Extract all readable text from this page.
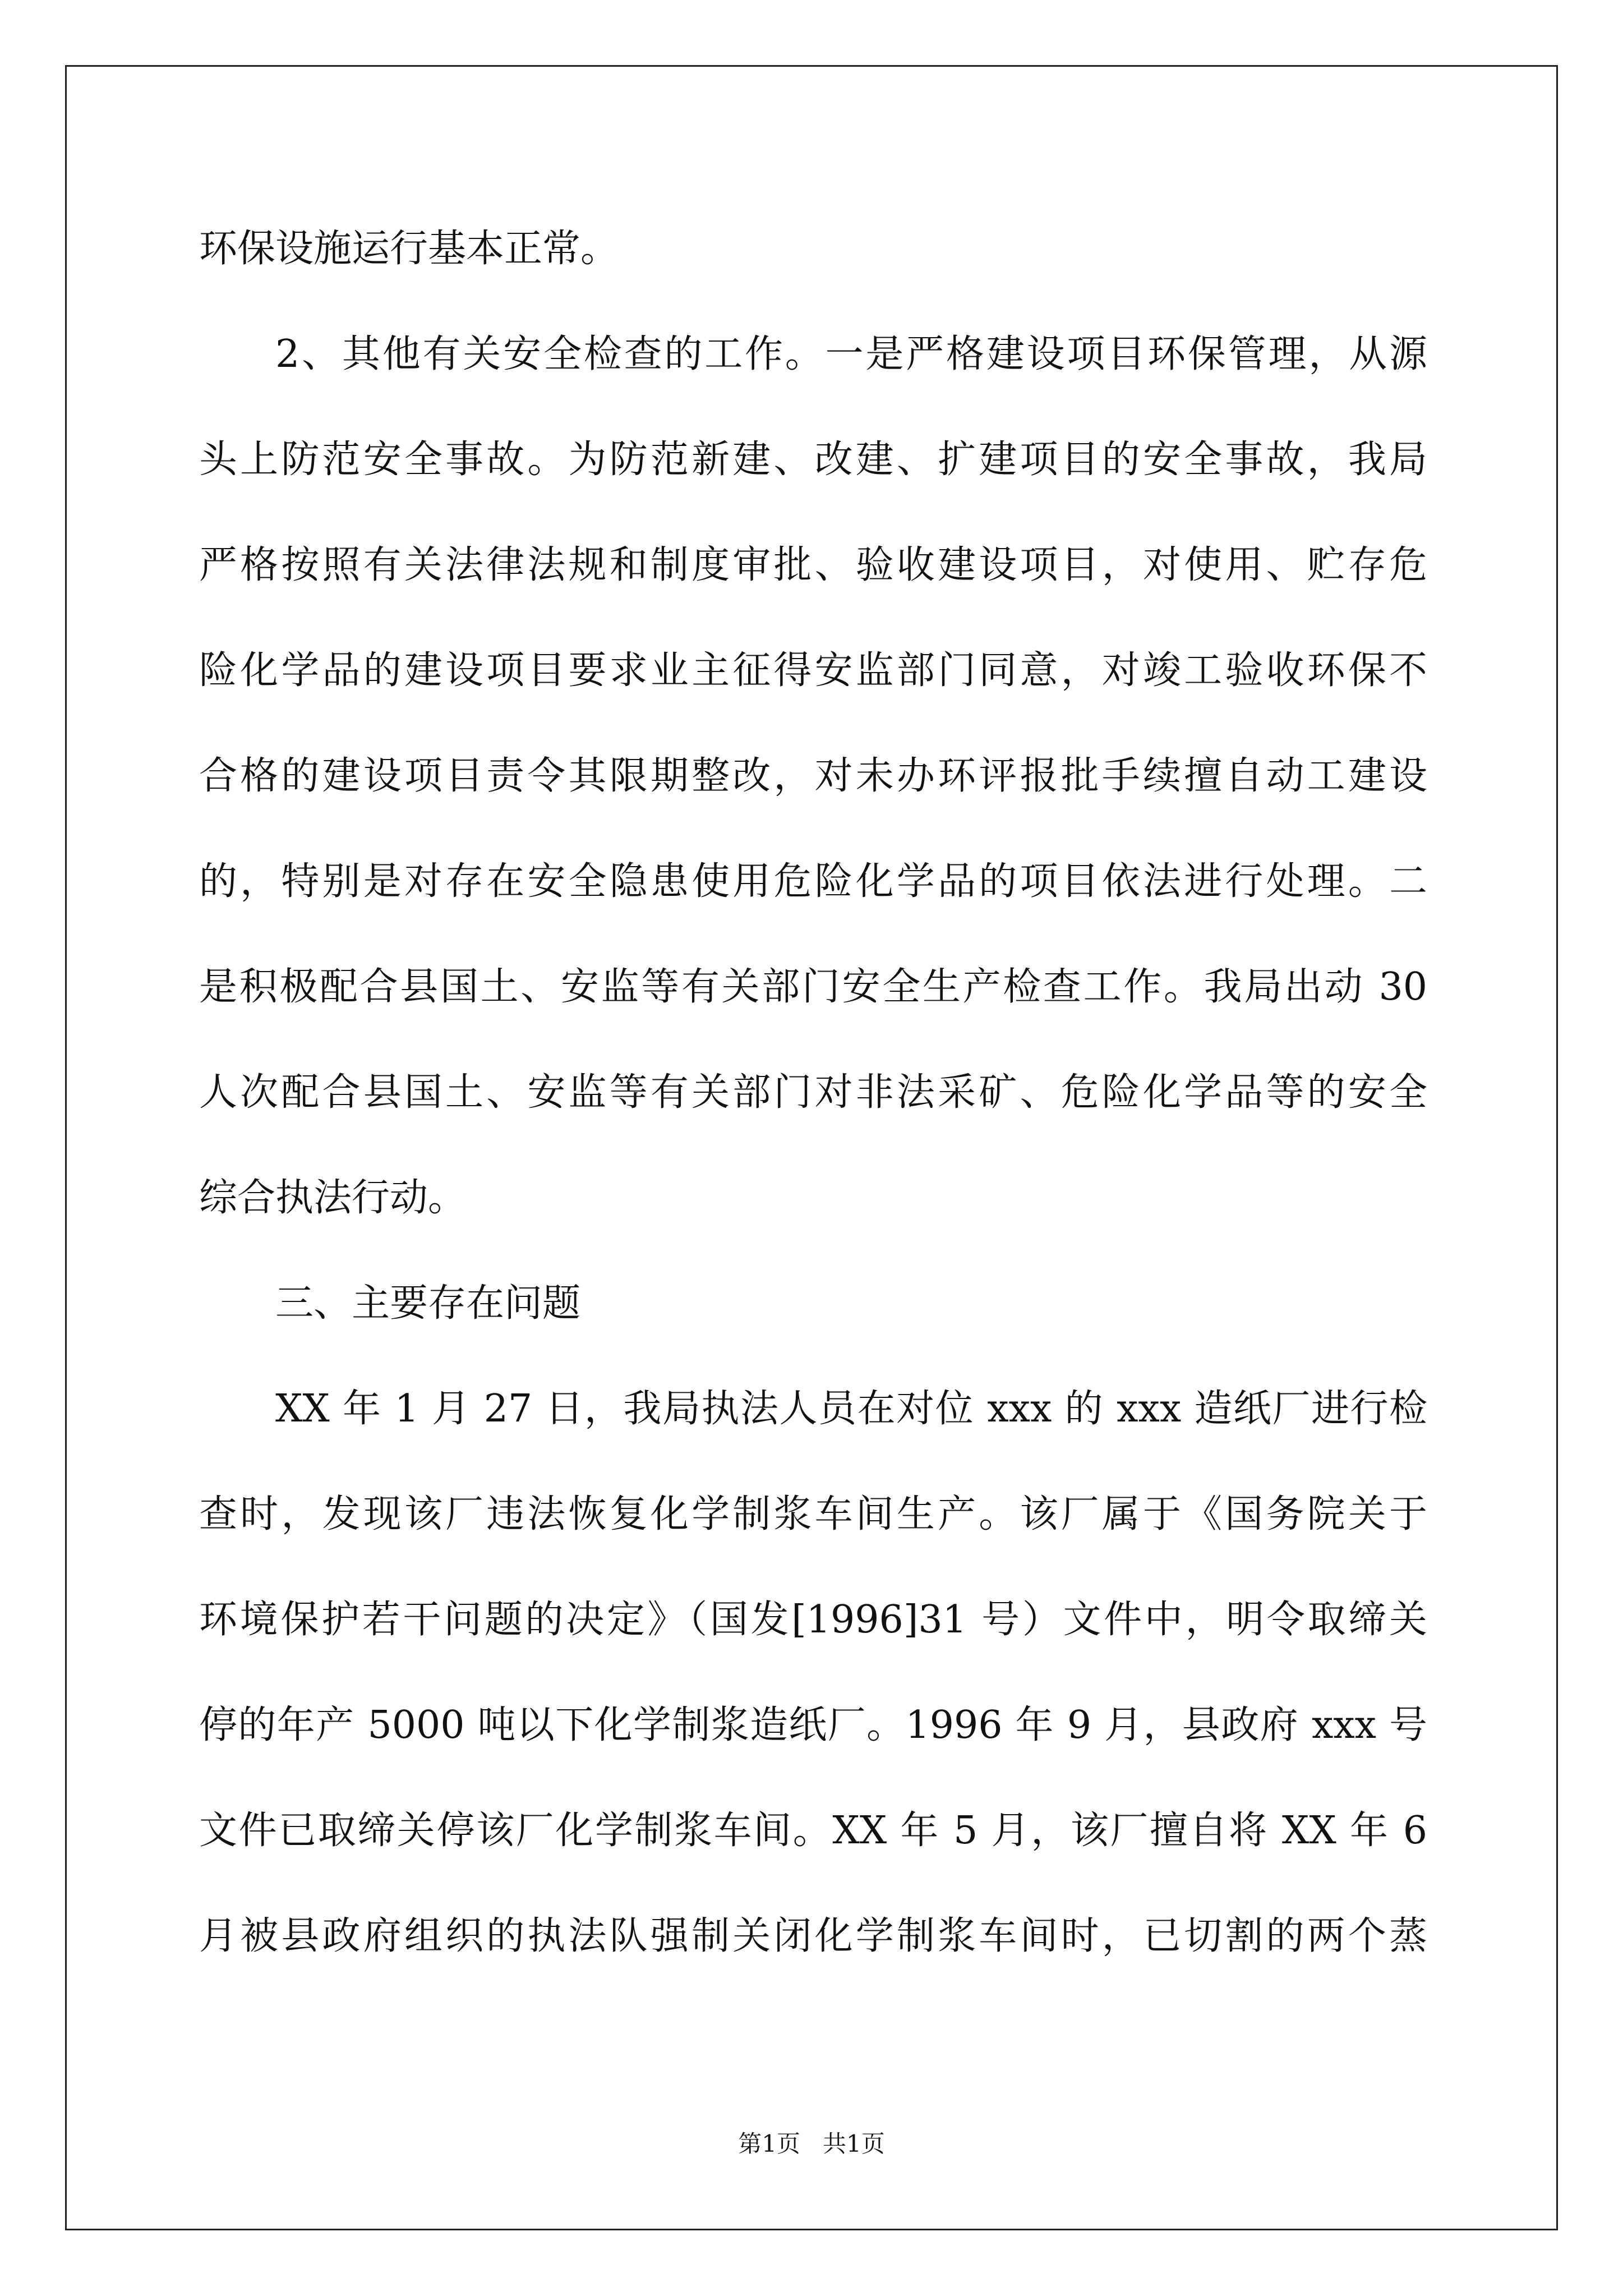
环保设施运行基本正常。
2、其他有关安全检查的工作。一是严格建设项目环保管理，从源
头上防范安全事故。为防范新建、改建、扩建项目的安全事故，我局
严格按照有关法律法规和制度审批、验收建设项目，对使用、贮存危
险化学品的建设项目要求业主征得安监部门同意，对竣工验收环保不
合格的建设项目责令其限期整改，对未办环评报批手续擅自动工建设
的，特别是对存在安全隐患使用危险化学品的项目依法进行处理。二
是积极配合县国土、安监等有关部门安全生产检查工作。我局出动 30
人次配合县国土、安监等有关部门对非法采矿、危险化学品等的安全
综合执法行动。
三、主要存在问题
XX 年 1 月 27 日，我局执法人员在对位 xxx 的 xxx 造纸厂进行检
查时，发现该厂违法恢复化学制浆车间生产。该厂属于《国务院关于
环境保护若干问题的决定》（国发[1996]31 号）文件中，明令取缔关
停的年产 5000 吨以下化学制浆造纸厂。1996 年 9 月，县政府 xxx 号
文件已取缔关停该厂化学制浆车间。XX 年 5 月，该厂擅自将 XX 年 6
月被县政府组织的执法队强制关闭化学制浆车间时，已切割的两个蒸
第1页   共1页
